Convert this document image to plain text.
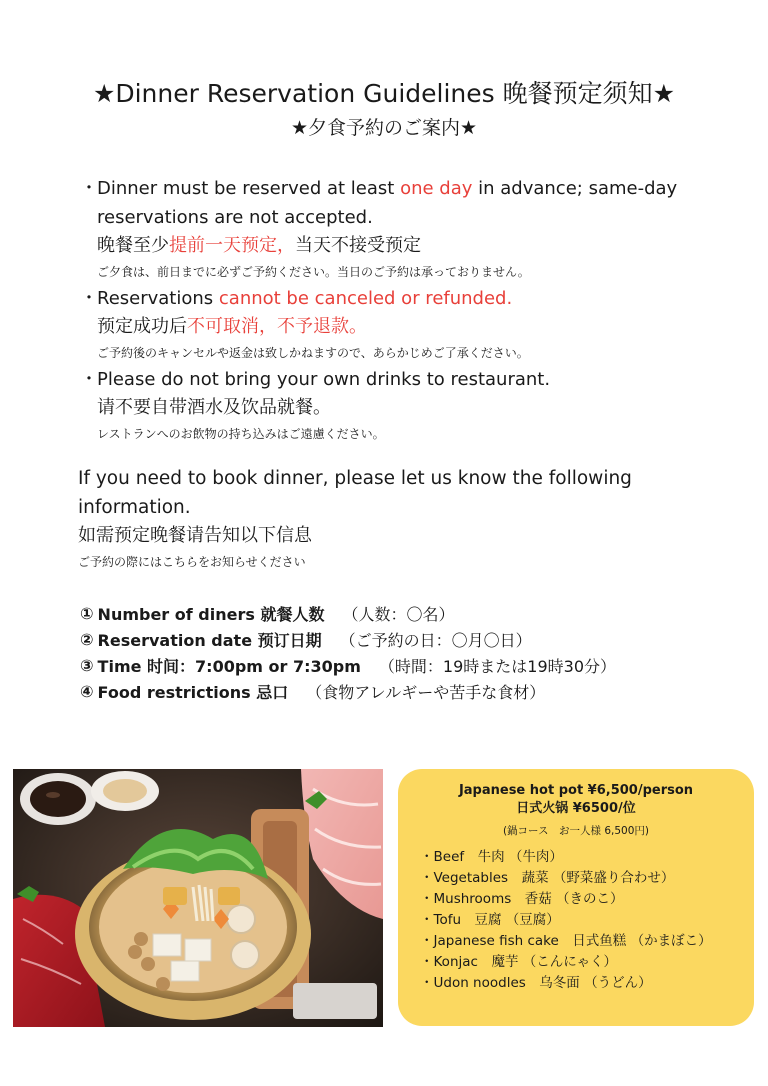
★Dinner Reservation Guidelines 晚餐预定须知★
★夕食予約のご案内★
・ Dinner must be reserved at least one day in advance; same-day
reservations are not accepted.
晚餐至少提前一天预定，当天不接受预定
ご夕食は、前日までに必ずご予約ください。当日のご予約は承っておりません。
・ Reservations cannot be canceled or refunded.
预定成功后不可取消，不予退款。
ご予約後のキャンセルや返金は致しかねますので、あらかじめご了承ください。
・ Please do not bring your own drinks to restaurant.
请不要自带酒水及饮品就餐。
レストランへのお飲物の持ち込みはご遠慮ください。
If you need to book dinner, please let us know the following
information.
如需预定晚餐请告知以下信息
ご予約の際にはこちらをお知らせください
① Number of diners 就餐人数 （人数：〇名）
② Reservation date 预订日期 （ご予約の日：〇月〇日）
③ Time 时间：7:00pm or 7:30pm （時間：19時または19時30分）
④ Food restrictions 忌口 （食物アレルギーや苦手な食材）
Japanese hot pot ¥6,500/person
日式火锅 ¥6500/位
(鍋コース　お一人様 6,500円)
・Beef　牛肉 （牛肉）
・Vegetables　蔬菜 （野菜盛り合わせ）
・Mushrooms　香菇 （きのこ）
・Tofu　豆腐 （豆腐）
・Japanese fish cake　日式鱼糕 （かまぼこ）
・Konjac　魔芋 （こんにゃく）
・Udon noodles　乌冬面 （うどん）
